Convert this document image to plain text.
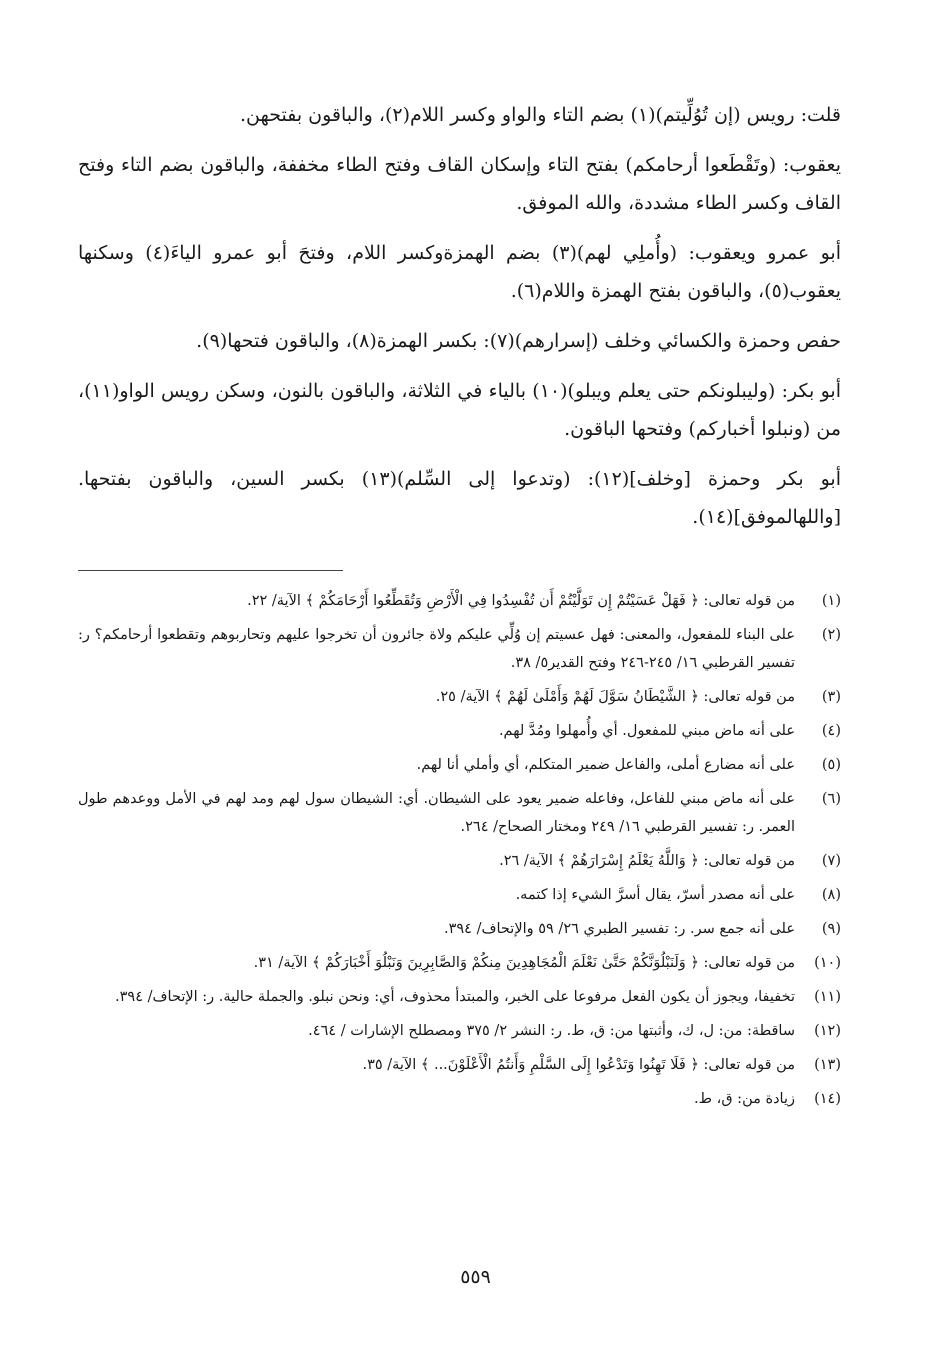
قلت: رويس (إن تُوُلِّيتم)(١) بضم التاء والواو وكسر اللام(٢)، والباقون بفتحهن.

يعقوب: (وتَقْطَعوا أرحامكم) بفتح التاء وإسكان القاف وفتح الطاء مخففة، والباقون بضم التاء وفتح القاف وكسر الطاء مشددة، والله الموفق.

أبو عمرو ويعقوب: (وأُملِي لهم)(٣) بضم الهمزةوكسر اللام، وفتحَ أبو عمرو الياءَ(٤) وسكنها يعقوب(٥)، والباقون بفتح الهمزة واللام(٦).

حفص وحمزة والكسائي وخلف (إسرارهم)(٧): بكسر الهمزة(٨)، والباقون فتحها(٩).

أبو بكر: (وليبلونكم حتى يعلم ويبلو)(١٠) بالياء في الثلاثة، والباقون بالنون، وسكن رويس الواو(١١)، من (ونبلوا أخباركم) وفتحها الباقون.

أبو بكر وحمزة [وخلف](١٢): (وتدعوا إلى السِّلم)(١٣) بكسر السين، والباقون بفتحها. [واللهالموفق](١٤).

(١)
من قوله تعالى: ﴿ فَهَلْ عَسَيْتُمْ إِن تَوَلَّيْتُمْ أَن تُفْسِدُوا فِي الْأَرْضِ وَتُقَطِّعُوا أَرْحَامَكُمْ ﴾ الآية/ ٢٢.
(٢)
على البناء للمفعول، والمعنى: فهل عسيتم إن وُلِّي عليكم ولاة جائرون أن تخرجوا عليهم وتحاربوهم وتقطعوا أرحامكم؟ ر: تفسير القرطبي ١٦/ ٢٤٥-٢٤٦ وفتح القدير٥/ ٣٨.
(٣)
من قوله تعالى: ﴿ الشَّيْطَانُ سَوَّلَ لَهُمْ وَأَمْلَىٰ لَهُمْ ﴾ الآية/ ٢٥.
(٤)
على أنه ماض مبني للمفعول. أي وأُمهلوا ومُدَّ لهم.
(٥)
على أنه مضارع أملى، والفاعل ضمير المتكلم، أي وأملي أنا لهم.
(٦)
على أنه ماض مبني للفاعل، وفاعله ضمير يعود على الشيطان. أي: الشيطان سول لهم ومد لهم في الأمل ووعدهم طول العمر. ر: تفسير القرطبي ١٦/ ٢٤٩ ومختار الصحاح/ ٢٦٤.
(٧)
من قوله تعالى: ﴿ وَاللَّهُ يَعْلَمُ إِسْرَارَهُمْ ﴾ الآية/ ٢٦.
(٨)
على أنه مصدر أسرّ، يقال أسرَّ الشيء إذا كتمه.
(٩)
على أنه جمع سر. ر: تفسير الطبري ٢٦/ ٥٩ والإتحاف/ ٣٩٤.
(١٠)
من قوله تعالى: ﴿ وَلَنَبْلُوَنَّكُمْ حَتَّىٰ نَعْلَمَ الْمُجَاهِدِينَ مِنكُمْ وَالصَّابِرِينَ وَنَبْلُوَ أَخْبَارَكُمْ ﴾ الآية/ ٣١.
(١١)
تخفيفا، ويجوز أن يكون الفعل مرفوعا على الخبر، والمبتدأ محذوف، أي: ونحن نبلو. والجملة حالية. ر: الإتحاف/ ٣٩٤.
(١٢)
ساقطة: من: ل، ك، وأثبتها من: ق، ط. ر: النشر ٢/ ٣٧٥ ومصطلح الإشارات / ٤٦٤.
(١٣)
من قوله تعالى: ﴿ فَلَا تَهِنُوا وَتَدْعُوا إِلَى السَّلْمِ وَأَنتُمُ الْأَعْلَوْنَ... ﴾ الآية/ ٣٥.
(١٤)
زيادة من: ق، ط.
٥٥٩
